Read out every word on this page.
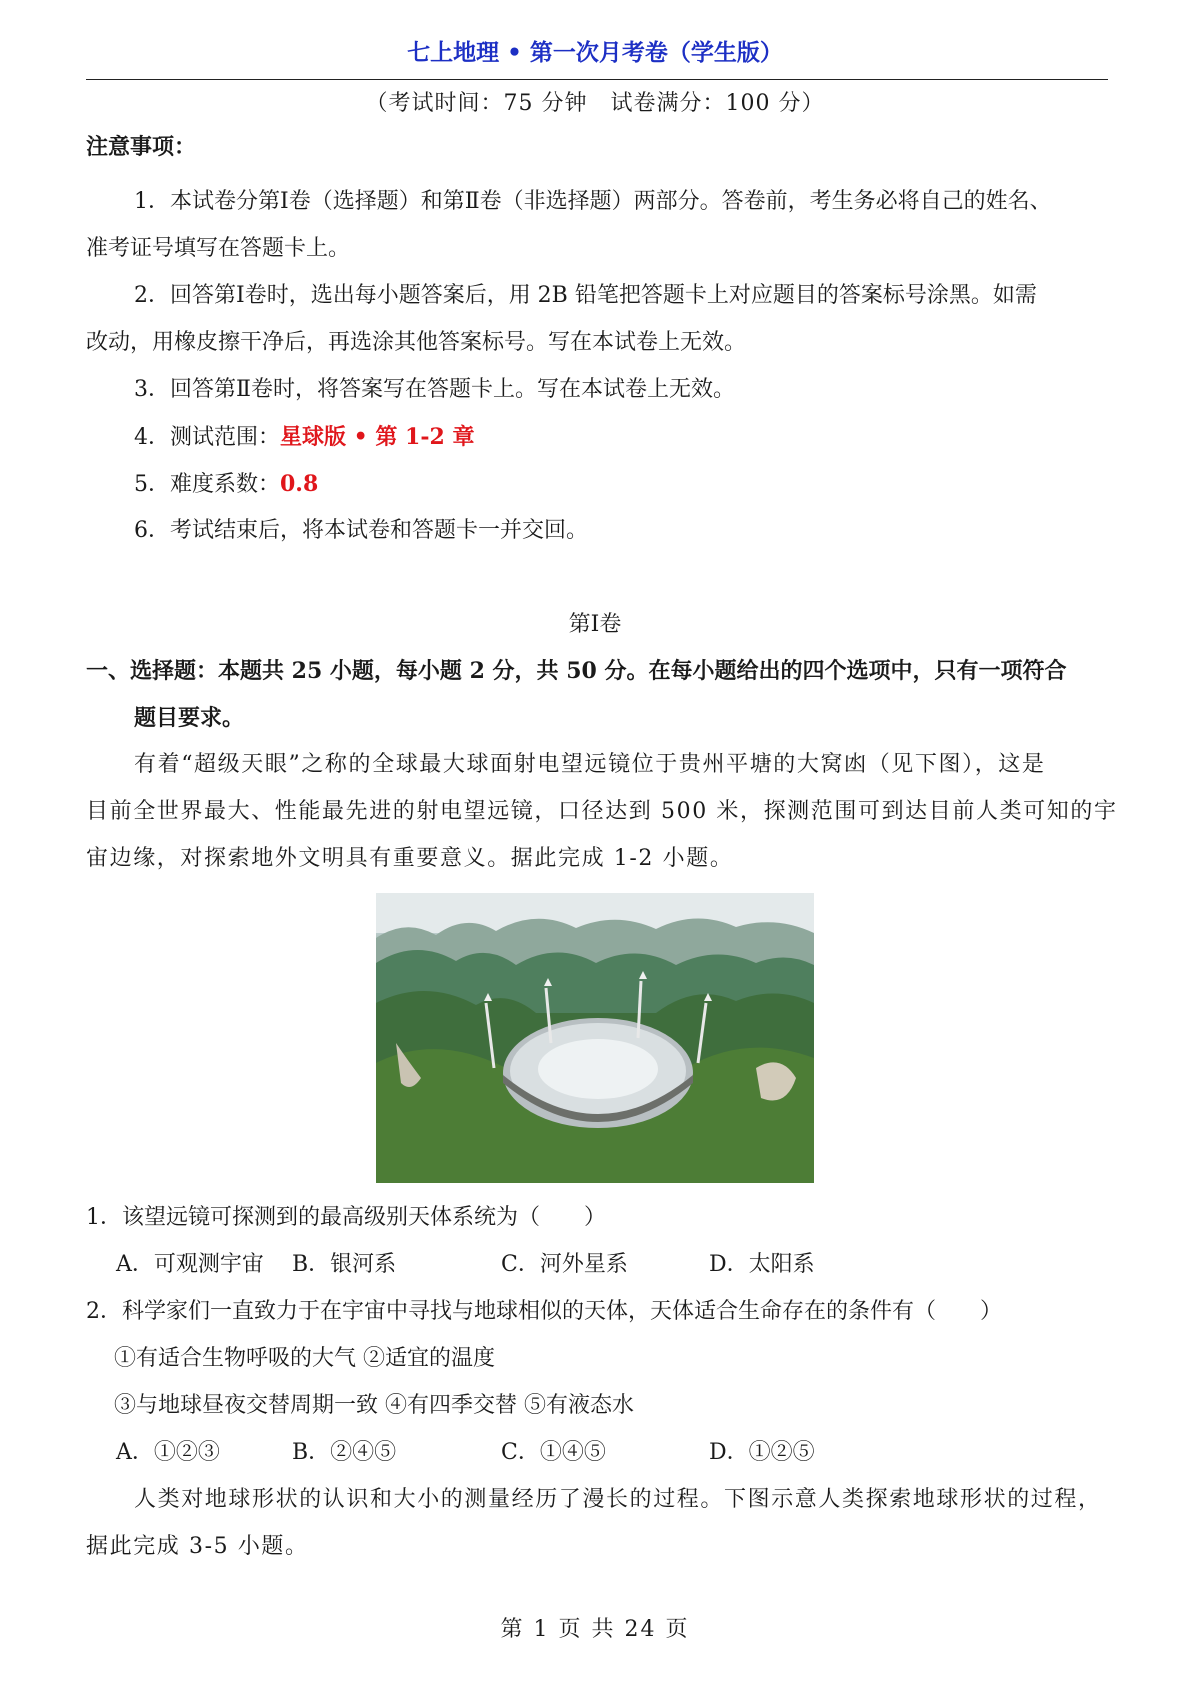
七上地理 • 第一次月考卷（学生版）
（考试时间：75 分钟　试卷满分：100 分）
注意事项：
1．本试卷分第Ⅰ卷（选择题）和第Ⅱ卷（非选择题）两部分。答卷前，考生务必将自己的姓名、
准考证号填写在答题卡上。
2．回答第Ⅰ卷时，选出每小题答案后，用 2B 铅笔把答题卡上对应题目的答案标号涂黑。如需
改动，用橡皮擦干净后，再选涂其他答案标号。写在本试卷上无效。
3．回答第Ⅱ卷时，将答案写在答题卡上。写在本试卷上无效。
4．测试范围：星球版 • 第 1-2 章
5．难度系数：0.8
6．考试结束后，将本试卷和答题卡一并交回。
第Ⅰ卷
一、选择题：本题共 25 小题，每小题 2 分，共 50 分。在每小题给出的四个选项中，只有一项符合
题目要求。
有着“超级天眼”之称的全球最大球面射电望远镜位于贵州平塘的大窝凼（见下图），这是
目前全世界最大、性能最先进的射电望远镜，口径达到 500 米，探测范围可到达目前人类可知的宇
宙边缘，对探索地外文明具有重要意义。据此完成 1-2 小题。
1．该望远镜可探测到的最高级别天体系统为（　　）
A．可观测宇宙 B．银河系	C．河外星系	D．太阳系
2．科学家们一直致力于在宇宙中寻找与地球相似的天体，天体适合生命存在的条件有（　　）
①有适合生物呼吸的大气 ②适宜的温度
③与地球昼夜交替周期一致 ④有四季交替 ⑤有液态水
A．①②③	B．②④⑤	C．①④⑤	D．①②⑤
人类对地球形状的认识和大小的测量经历了漫长的过程。下图示意人类探索地球形状的过程，
据此完成 3-5 小题。
第 1 页 共 24 页
